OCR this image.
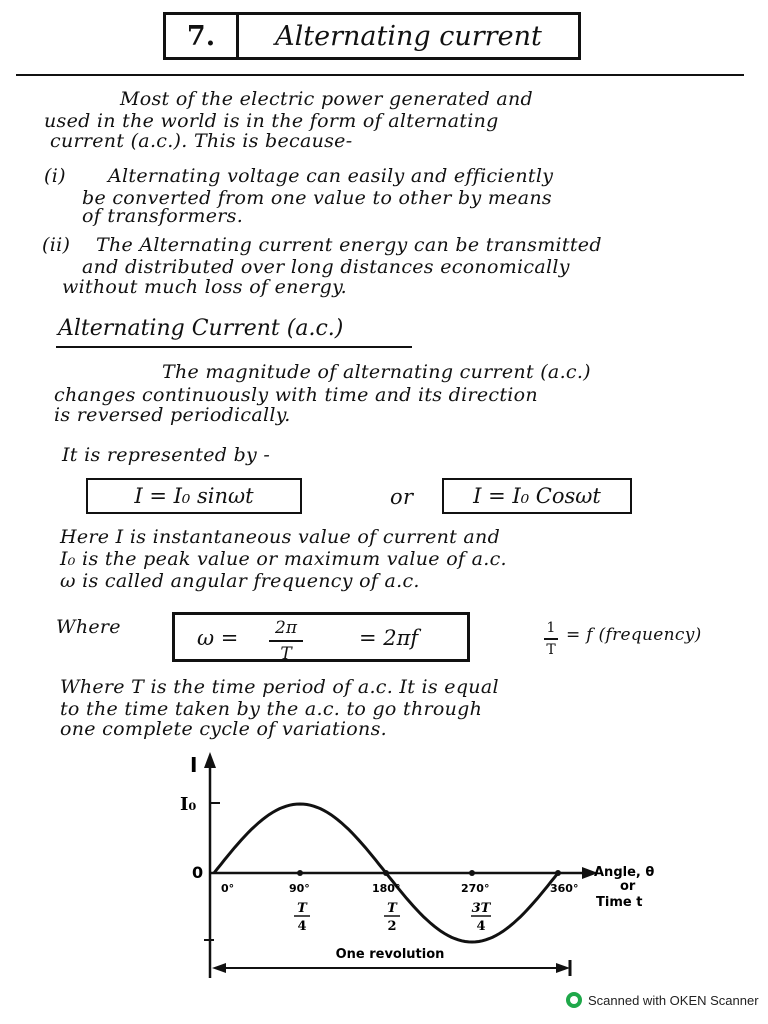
7.	Alternating current
Most of the electric power generated and
used in the world is in the form of alternating
current (a.c.). This is because-
(i) Alternating voltage can easily and efficiently
be converted from one value to other by means
of transformers.
(ii) The Alternating current energy can be transmitted
and distributed over long distances economically
without much loss of energy.
Alternating Current (a.c.)
The magnitude of alternating current (a.c.)
changes continuously with time and its direction
is reversed periodically.
It is represented by -
I = I₀ sinωt	or	I = I₀ Cosωt
Here I is instantaneous value of current and
I₀ is the peak value or maximum value of a.c.
ω is called angular frequency of a.c.
Where	ω = 2π
T
= 2πf	1
T
= f (frequency)
Where T is the time period of a.c. It is equal
to the time taken by the a.c. to go through
one complete cycle of variations.
I
I₀
0
0°	90°	180°	270°	360°
T
4
T
2
3T
4
Angle, θ
or
Time t
One revolution
Scanned with OKEN Scanner
